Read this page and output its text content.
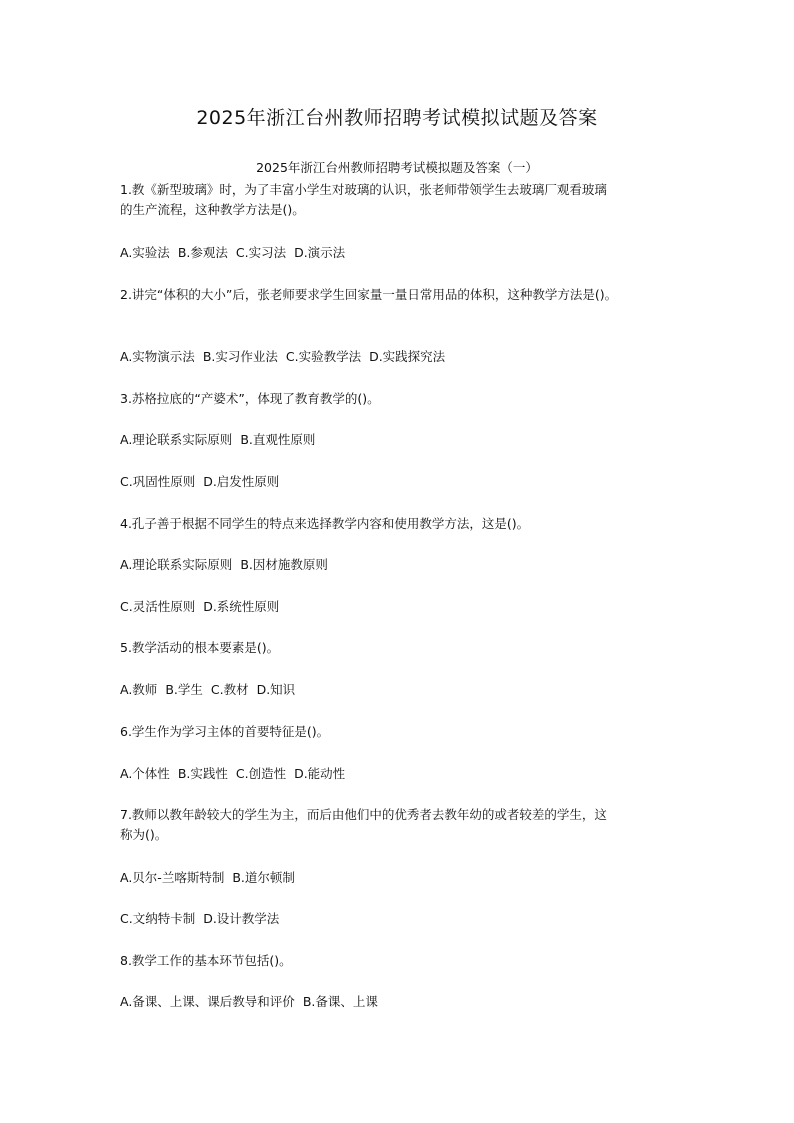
2025年浙江台州教师招聘考试模拟试题及答案

2025年浙江台州教师招聘考试模拟题及答案（一）

1.教《新型玻璃》时，为了丰富小学生对玻璃的认识，张老师带领学生去玻璃厂观看玻璃

的生产流程，这种教学方法是()。

A.实验法 B.参观法 C.实习法 D.演示法

2.讲完“体积的大小”后，张老师要求学生回家量一量日常用品的体积，这种教学方法是()。

A.实物演示法 B.实习作业法 C.实验教学法 D.实践探究法

3.苏格拉底的“产婆术”，体现了教育教学的()。

A.理论联系实际原则 B.直观性原则
C.巩固性原则 D.启发性原则

4.孔子善于根据不同学生的特点来选择教学内容和使用教学方法，这是()。

A.理论联系实际原则 B.因材施教原则
C.灵活性原则 D.系统性原则

5.教学活动的根本要素是()。

A.教师 B.学生 C.教材 D.知识

6.学生作为学习主体的首要特征是()。

A.个体性 B.实践性 C.创造性 D.能动性

7.教师以教年龄较大的学生为主，而后由他们中的优秀者去教年幼的或者较差的学生，这

称为()。

A.贝尔-兰喀斯特制 B.道尔顿制
C.文纳特卡制 D.设计教学法

8.教学工作的基本环节包括()。

A.备课、上课、课后教导和评价 B.备课、上课
